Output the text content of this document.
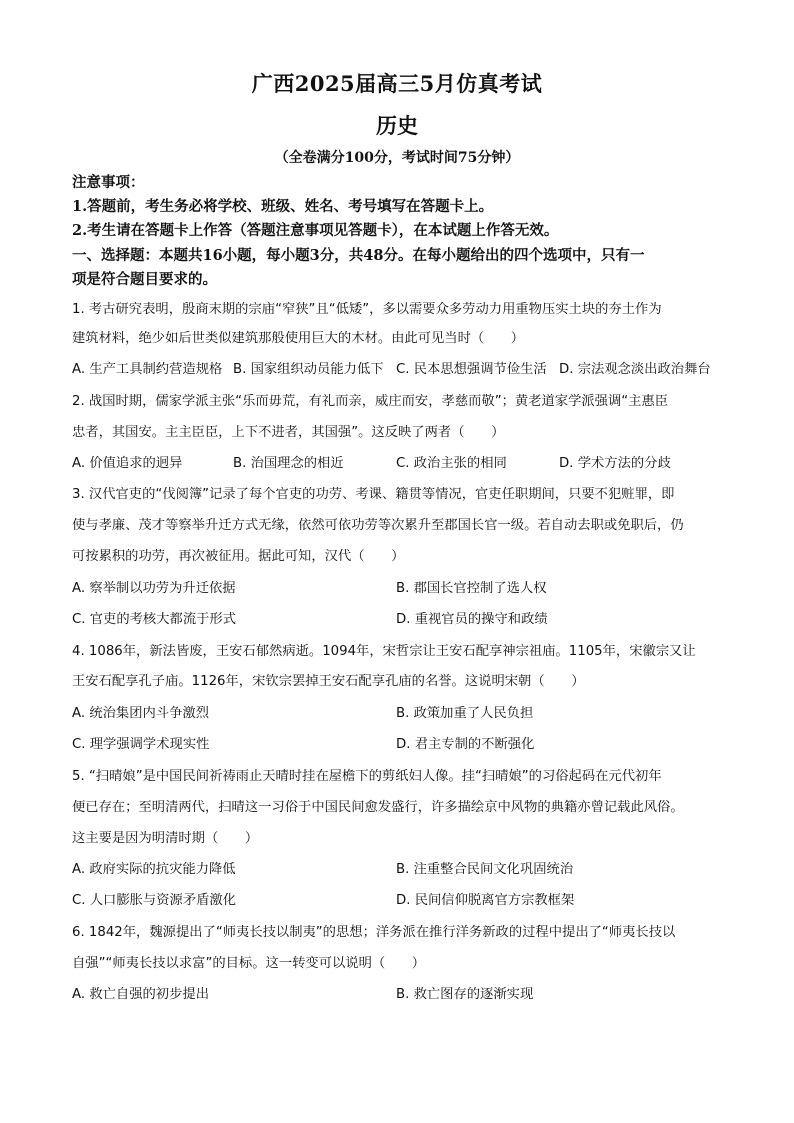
广西2025届高三5月仿真考试
历史
（全卷满分100分，考试时间75分钟）
注意事项：
1.答题前，考生务必将学校、班级、姓名、考号填写在答题卡上。
2.考生请在答题卡上作答（答题注意事项见答题卡），在本试题上作答无效。
一、选择题：本题共16小题，每小题3分，共48分。在每小题给出的四个选项中，只有一
项是符合题目要求的。
1. 考古研究表明，殷商末期的宗庙“窄狭”且“低矮”，多以需要众多劳动力用重物压实土块的夯土作为
建筑材料，绝少如后世类似建筑那般使用巨大的木材。由此可见当时（　　）
A. 生产工具制约营造规格 B. 国家组织动员能力低下 C. 民本思想强调节俭生活 D. 宗法观念淡出政治舞台
2. 战国时期，儒家学派主张“乐而毋荒，有礼而亲，威庄而安，孝慈而敬”；黄老道家学派强调“主惠臣
忠者，其国安。主主臣臣，上下不进者，其国强”。这反映了两者（　　）
A. 价值追求的迥异	B. 治国理念的相近	C. 政治主张的相同	D. 学术方法的分歧
3. 汉代官吏的“伐阅簿”记录了每个官吏的功劳、考课、籍贯等情况，官吏任职期间，只要不犯赃罪，即
使与孝廉、茂才等察举升迁方式无缘，依然可依功劳等次累升至郡国长官一级。若自动去职或免职后，仍
可按累积的功劳，再次被征用。据此可知，汉代（　　）
A. 察举制以功劳为升迁依据	B. 郡国长官控制了选人权
C. 官吏的考核大都流于形式	D. 重视官员的操守和政绩
4. 1086年，新法皆废，王安石郁然病逝。1094年，宋哲宗让王安石配享神宗祖庙。1105年，宋徽宗又让
王安石配享孔子庙。1126年，宋钦宗罢掉王安石配享孔庙的名誉。这说明宋朝（　　）
A. 统治集团内斗争激烈	B. 政策加重了人民负担
C. 理学强调学术现实性	D. 君主专制的不断强化
5. “扫晴娘”是中国民间祈祷雨止天晴时挂在屋檐下的剪纸妇人像。挂“扫晴娘”的习俗起码在元代初年
便已存在；至明清两代，扫晴这一习俗于中国民间愈发盛行，许多描绘京中风物的典籍亦曾记载此风俗。
这主要是因为明清时期（　　）
A. 政府实际的抗灾能力降低	B. 注重整合民间文化巩固统治
C. 人口膨胀与资源矛盾激化	D. 民间信仰脱离官方宗教框架
6. 1842年，魏源提出了“师夷长技以制夷”的思想；洋务派在推行洋务新政的过程中提出了“师夷长技以
自强”“师夷长技以求富”的目标。这一转变可以说明（　　）
A. 救亡自强的初步提出	B. 救亡图存的逐渐实现
